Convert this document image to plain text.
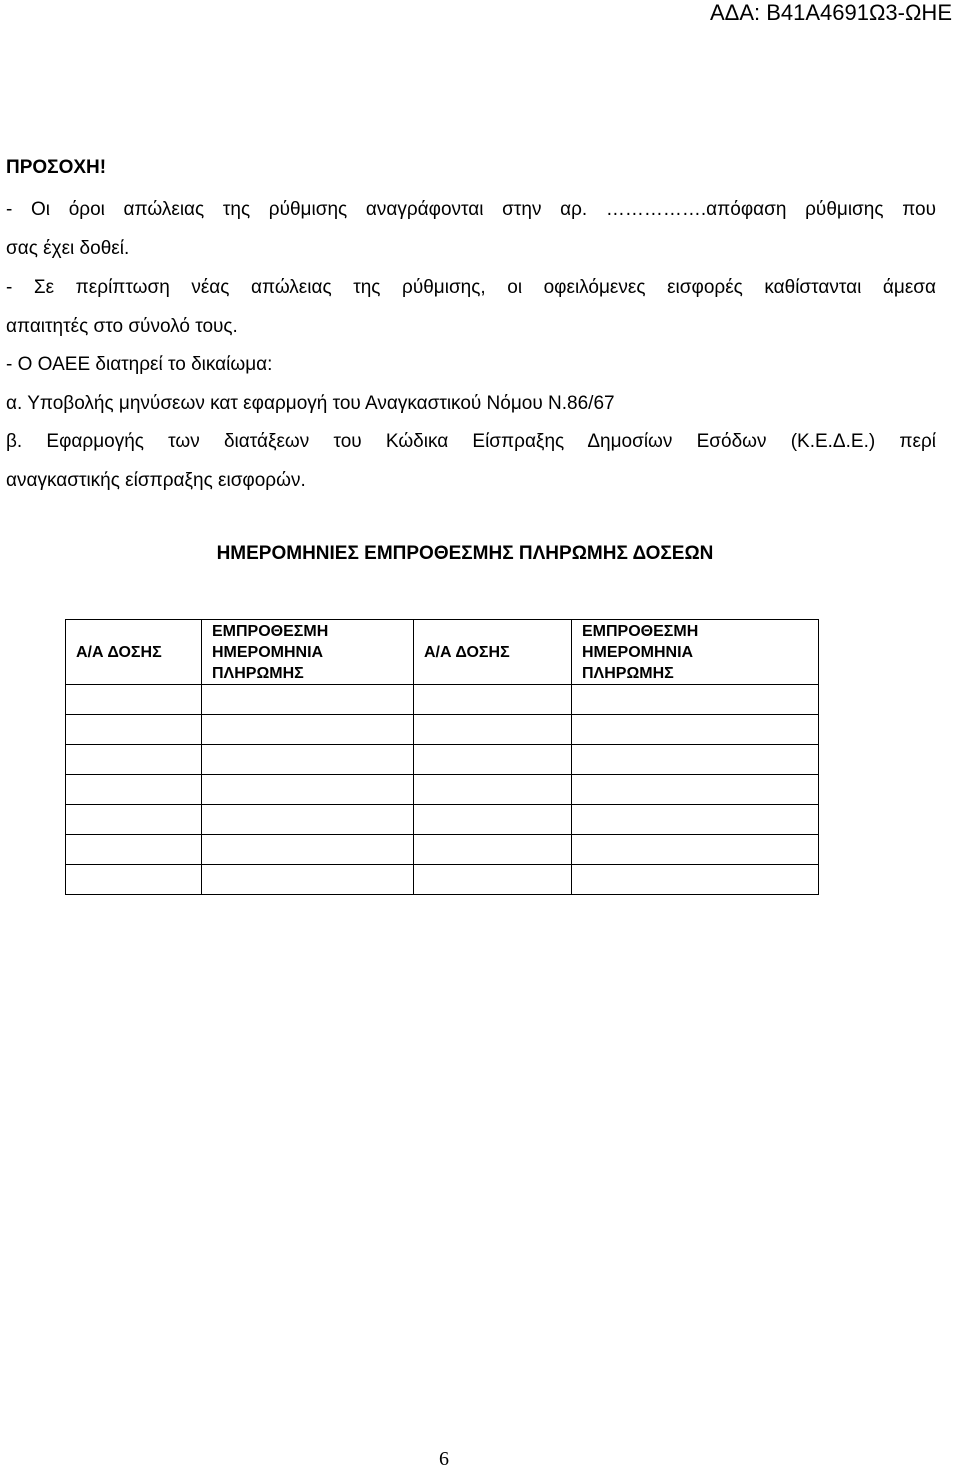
ΑΔΑ: Β41Α4691Ω3-ΩΗΕ
ΠΡΟΣΟΧΗ!
- Οι όροι απώλειας της ρύθμισης αναγράφονται στην αρ. …………….απόφαση ρύθμισης που
σας έχει δοθεί.
- Σε περίπτωση νέας απώλειας της ρύθμισης, οι οφειλόμενες εισφορές καθίστανται άμεσα
απαιτητές στο σύνολό τους.
- Ο ΟΑΕΕ διατηρεί το δικαίωμα:
α. Υποβολής μηνύσεων κατ εφαρμογή του Αναγκαστικού Νόμου Ν.86/67
β. Εφαρμογής των διατάξεων του Κώδικα Είσπραξης Δημοσίων Εσόδων (Κ.Ε.Δ.Ε.) περί
αναγκαστικής είσπραξης εισφορών.
ΗΜΕΡΟΜΗΝΙΕΣ ΕΜΠΡΟΘΕΣΜΗΣ ΠΛΗΡΩΜΗΣ ΔΟΣΕΩΝ
Α/Α ΔΟΣΗΣ	ΕΜΠΡΟΘΕΣΜΗ
ΗΜΕΡΟΜΗΝΙΑ
ΠΛΗΡΩΜΗΣ	Α/Α ΔΟΣΗΣ	ΕΜΠΡΟΘΕΣΜΗ
ΗΜΕΡΟΜΗΝΙΑ
ΠΛΗΡΩΜΗΣ

6
